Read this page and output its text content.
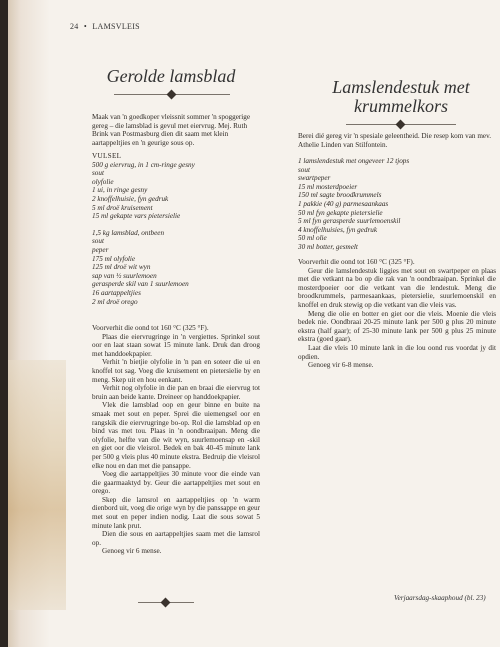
24 • LAMSVLEIS
Gerolde lamsblad

Maak van 'n goedkoper vleissnit sommer 'n spoggerige gereg – die lamsblad is gevul met eiervrug. Mej. Ruth Brink van Postmasburg dien dit saam met klein aartappeltjies en 'n geurige sous op.

VULSEL

500 g eiervrug, in 1 cm-ringe gesny

sout

olyfolie

1 ui, in ringe gesny

2 knoffelhuisie, fyn gedruk

5 ml droë kruisement

15 ml gekapte vars pietersielie

1,5 kg lamsblad, ontbeen

sout

peper

175 ml olyfolie

125 ml droë wit wyn

sap van ½ suurlemoen

gerasperde skil van 1 suurlemoen

16 aartappeltjies

2 ml droë orego

Voorverhit die oond tot 160 °C (325 °F).

Plaas die eiervrugringe in 'n vergiettes. Sprinkel sout oor en laat staan sowat 15 minute lank. Druk dan droog met handdoekpapier.

Verhit 'n bietjie olyfolie in 'n pan en soteer die ui en knoffel tot sag. Voeg die kruisement en pietersielie by en meng. Skep uit en hou eenkant.

Verhit nog olyfolie in die pan en braai die eiervrug tot bruin aan beide kante. Dreineer op handdoekpapier.

Vlek die lamsblad oop en geur binne en buite na smaak met sout en peper. Sprei die uiemengsel oor en rangskik die eiervrugringe bo-op. Rol die lamsblad op en bind vas met tou. Plaas in 'n oondbraaipan. Meng die olyfolie, helfte van die wit wyn, suurlemoensap en -skil en giet oor die vleisrol. Bedek en bak 40-45 minute lank per 500 g vleis plus 40 minute ekstra. Bedruip die vleisrol elke nou en dan met die pansappe.

Voeg die aartappeltjies 30 minute voor die einde van die gaarmaaktyd by. Geur die aartappeltjies met sout en orego.

Skep die lamsrol en aartappeltjies op 'n warm dienbord uit, voeg die orige wyn by die panssappe en geur met sout en peper indien nodig. Laat die sous sowat 5 minute lank prut.

Dien die sous en aartappeltjies saam met die lamsrol op.

Genoeg vir 6 mense.

Lamslendestuk met krummelkors

Berei dié gereg vir 'n spesiale geleentheid. Die resep kom van mev. Athelie Linden van Stilfontein.

1 lamslendestuk met ongeveer 12 tjops

sout

swartpeper

15 ml mosterdpoeier

150 ml sagte broodkrummels

1 pakkie (40 g) parmesaankaas

50 ml fyn gekapte pietersielie

5 ml fyn gerasperde suurlemoenskil

4 knoffelhuisies, fyn gedruk

50 ml olie

30 ml botter, gesmelt

Voorverhit die oond tot 160 °C (325 °F).

Geur die lamslendestuk liggies met sout en swartpeper en plaas met die vetkant na bo op die rak van 'n oondbraaipan. Sprinkel die mosterdpoeier oor die vetkant van die lendestuk. Meng die broodkrummels, parmesaankaas, pietersielie, suurlemoenskil en knoffel en druk stewig op die vetkant van die vleis vas.

Meng die olie en botter en giet oor die vleis. Moenie die vleis bedek nie. Oondbraai 20-25 minute lank per 500 g plus 20 minute ekstra (half gaar); of 25-30 minute lank per 500 g plus 25 minute ekstra (goed gaar).

Laat die vleis 10 minute lank in die lou oond rus voordat jy dit opdien.

Genoeg vir 6-8 mense.

Verjaarsdag-skaaphoud (bl. 23)
